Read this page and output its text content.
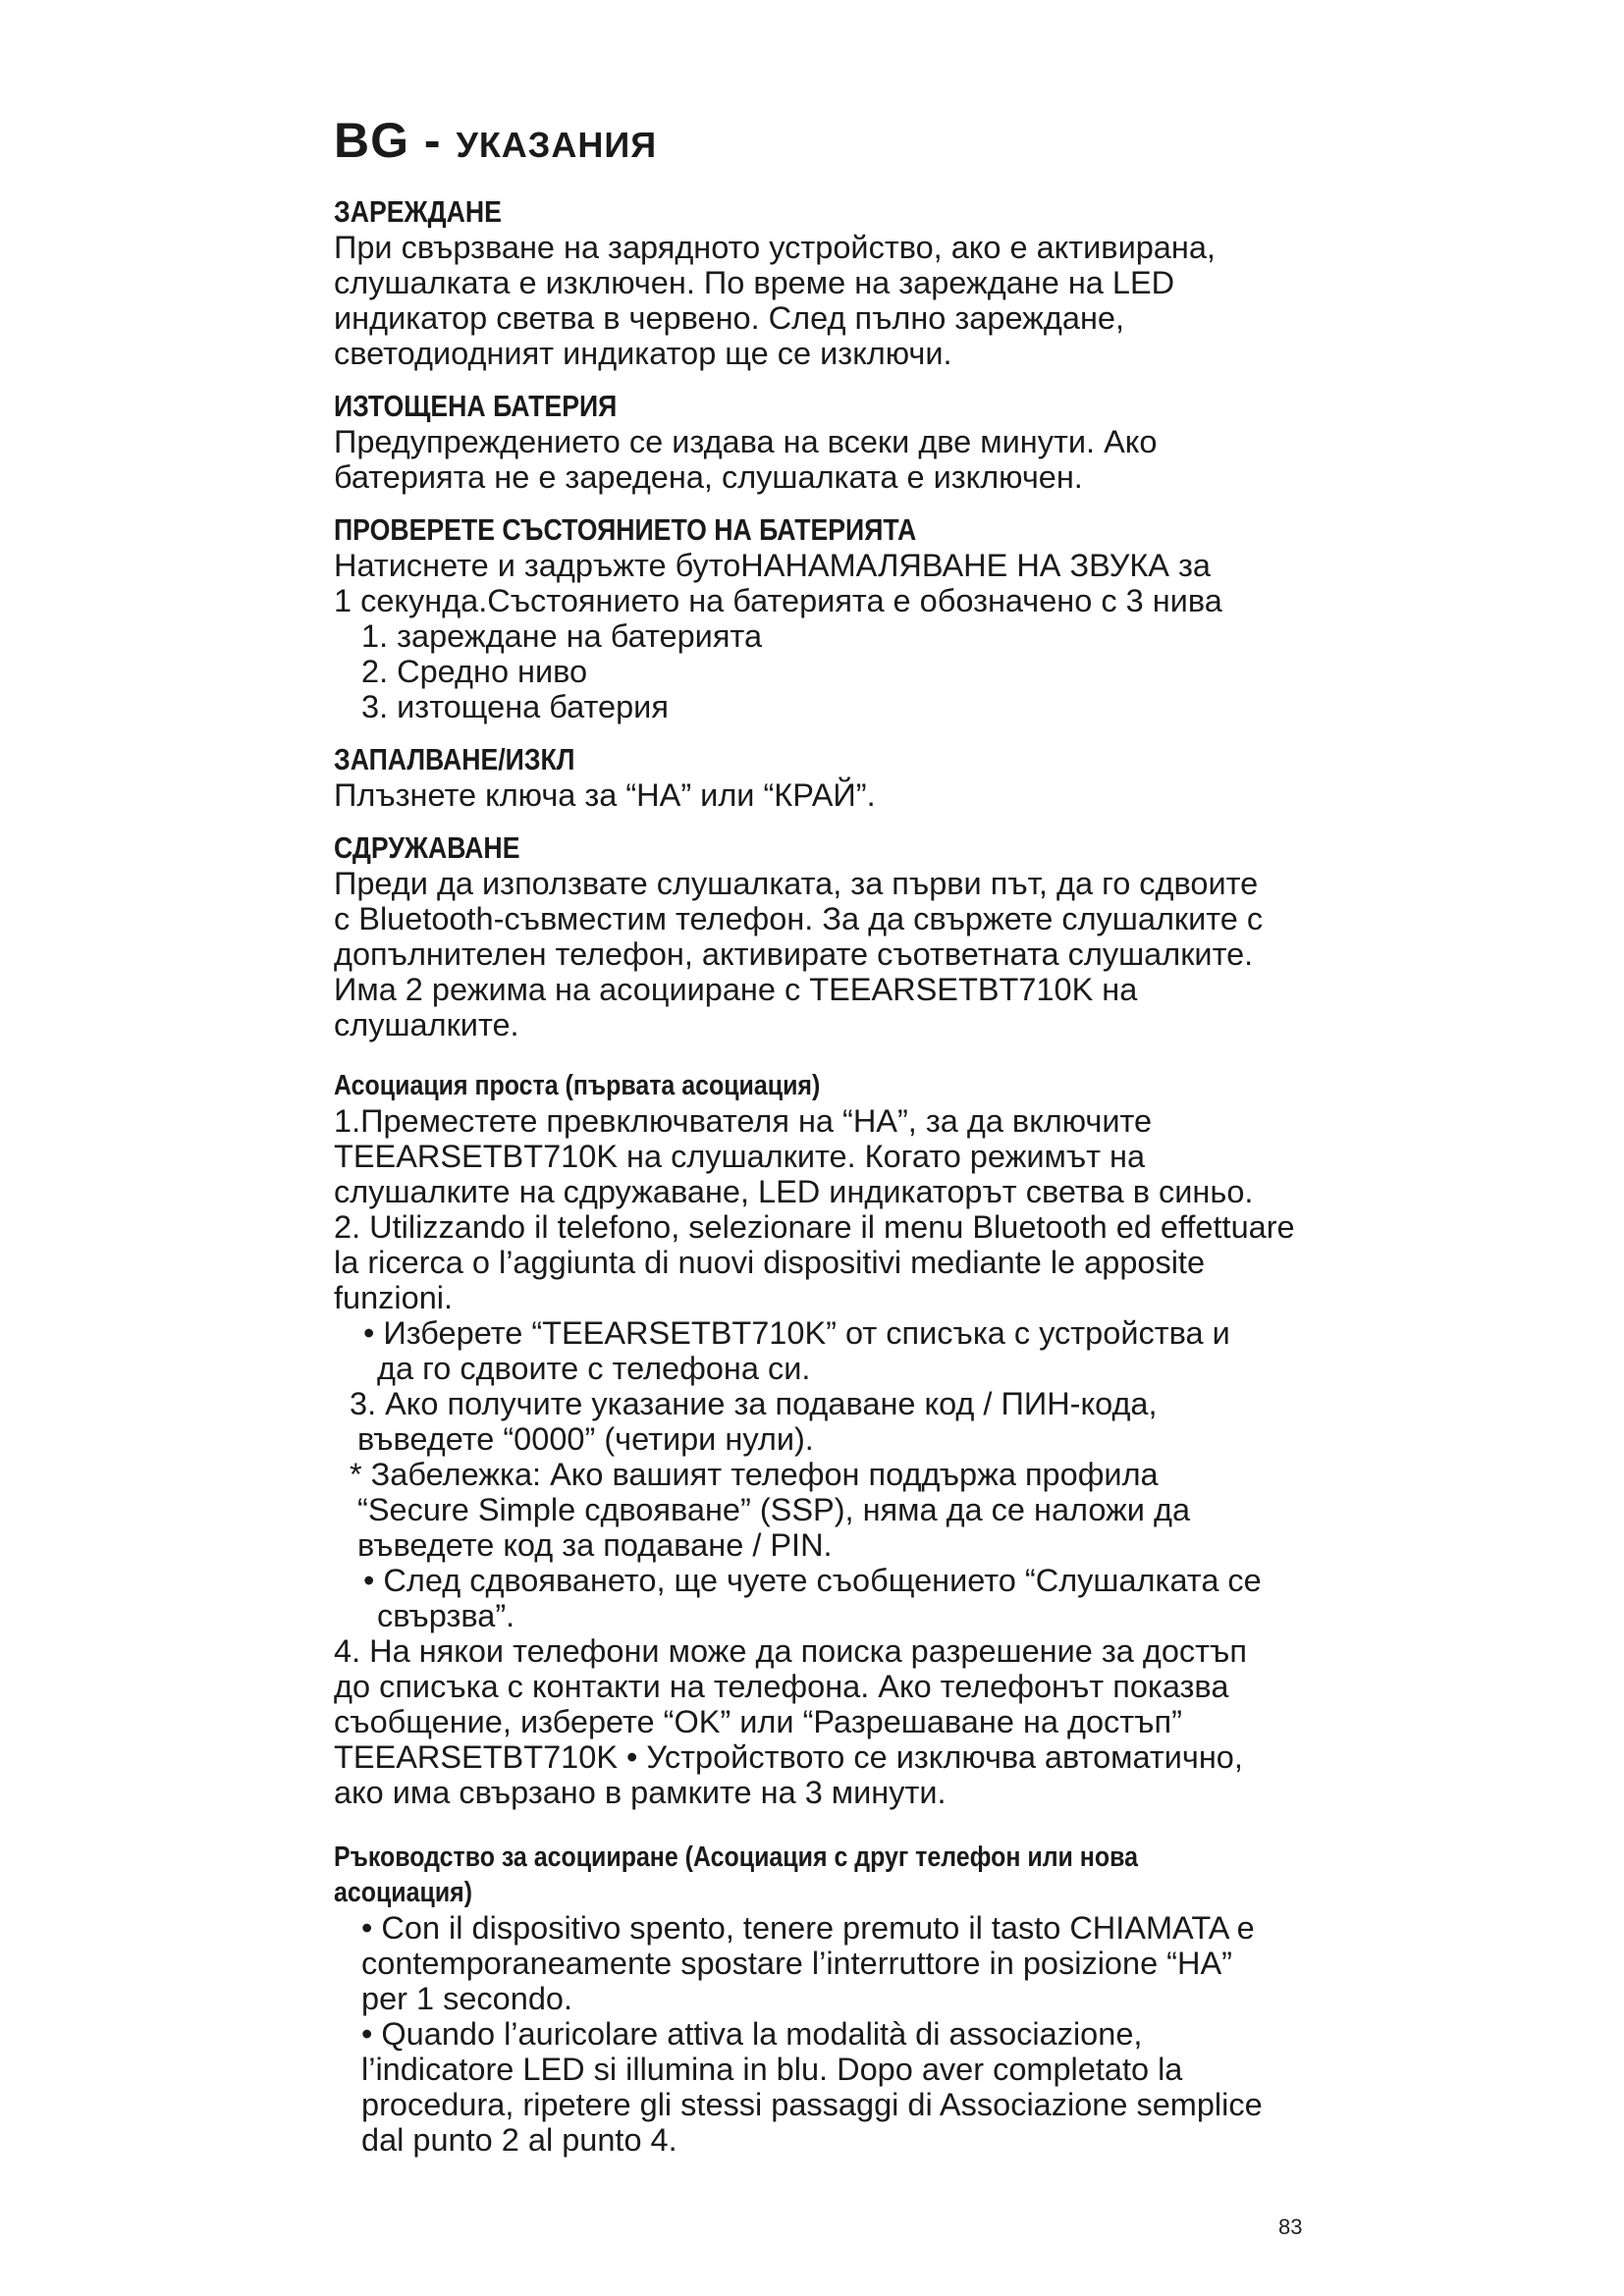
BG - УКАЗАНИЯ
ЗАРЕЖДАНЕ
При свързване на зарядното устройство, ако е активирана,
слушалката е изключен. По време на зареждане на LED
индикатор светва в червено. След пълно зареждане,
светодиодният индикатор ще се изключи.
ИЗТОЩЕНА БАТЕРИЯ
Предупреждението се издава на всеки две минути. Ако
батерията не е заредена, слушалката е изключен.
ПРОВЕРЕТЕ СЪСТОЯНИЕТО НА БАТЕРИЯТА
Натиснете и задръжте бутоНАНАМАЛЯВАНЕ НА ЗВУКА за
1 секунда.Състоянието на батерията е обозначено с 3 нива
1. зареждане на батерията
2. Средно ниво
3. изтощена батерия
ЗАПАЛВАНЕ/ИЗКЛ
Плъзнете ключа за “НА” или “КРАЙ”.
СДРУЖАВАНЕ
Преди да използвате слушалката, за първи път, да го сдвоите
с Bluetooth-съвместим телефон. За да свържете слушалките с
допълнителен телефон, активирате съответната слушалките.
Има 2 режима на асоцииране с TEEARSETBT710K на
слушалките.
Асоциация проста (първата асоциация)
1.Преместете превключвателя на “НА”, за да включите
TEEARSETBT710K на слушалките. Когато режимът на
слушалките на сдружаване, LED индикаторът светва в синьо.
2. Utilizzando il telefono, selezionare il menu Bluetooth ed effettuare
la ricerca o l’aggiunta di nuovi dispositivi mediante le apposite
funzioni.
• Изберете “TEEARSETBT710K” от списъка с устройства и
да го сдвоите с телефона си.
3. Ако получите указание за подаване код / ПИН-кода,
въведете “0000” (четири нули).
* Забележка: Ако вашият телефон поддържа профила
“Secure Simple сдвояване” (SSP), няма да се наложи да
въведете код за подаване / PIN.
• След сдвояването, ще чуете съобщението “Слушалката се
свързва”.
4. На някои телефони може да поиска разрешение за достъп
до списъка с контакти на телефона. Ако телефонът показва
съобщение, изберете “OK” или “Разрешаване на достъп”
TEEARSETBT710K • Устройството се изключва автоматично,
ако има свързано в рамките на 3 минути.
Ръководство за асоцииране (Асоциация с друг телефон или нова
асоциация)
• Con il dispositivo spento, tenere premuto il tasto CHIAMATA e
contemporaneamente spostare l’interruttore in posizione “HA”
per 1 secondo.
• Quando l’auricolare attiva la modalità di associazione,
l’indicatore LED si illumina in blu. Dopo aver completato la
procedura, ripetere gli stessi passaggi di Associazione semplice
dal punto 2 al punto 4.
83
